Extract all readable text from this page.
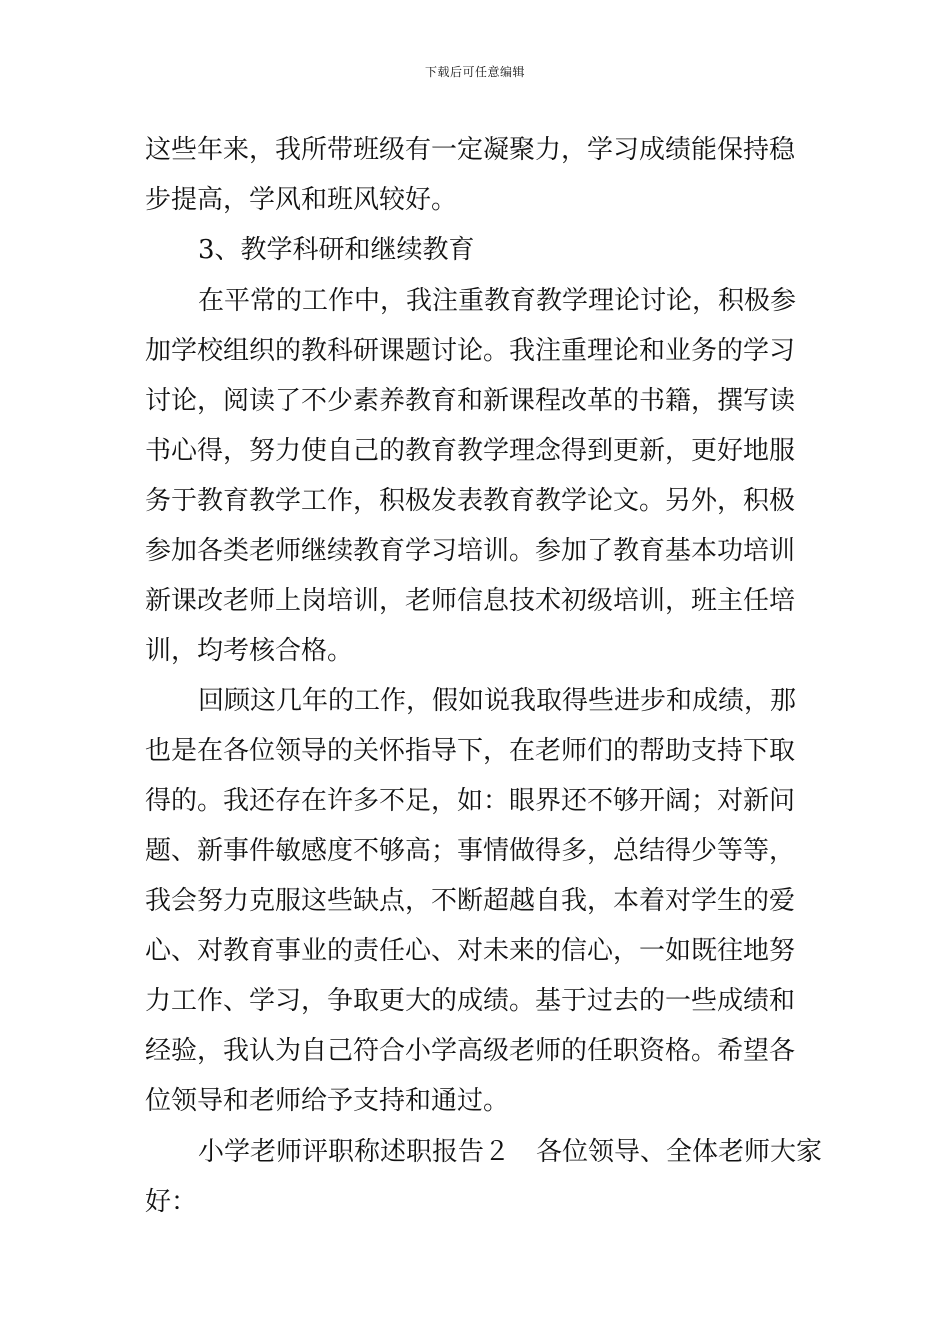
下载后可任意编辑
这些年来，我所带班级有一定凝聚力，学习成绩能保持稳
步提高，学风和班风较好。
3、教学科研和继续教育
在平常的工作中，我注重教育教学理论讨论，积极参
加学校组织的教科研课题讨论。我注重理论和业务的学习
讨论，阅读了不少素养教育和新课程改革的书籍，撰写读
书心得，努力使自己的教育教学理念得到更新，更好地服
务于教育教学工作，积极发表教育教学论文。另外，积极
参加各类老师继续教育学习培训。参加了教育基本功培训
新课改老师上岗培训，老师信息技术初级培训，班主任培
训，均考核合格。
回顾这几年的工作，假如说我取得些进步和成绩，那
也是在各位领导的关怀指导下，在老师们的帮助支持下取
得的。我还存在许多不足，如：眼界还不够开阔；对新问
题、新事件敏感度不够高；事情做得多，总结得少等等，
我会努力克服这些缺点，不断超越自我，本着对学生的爱
心、对教育事业的责任心、对未来的信心，一如既往地努
力工作、学习，争取更大的成绩。基于过去的一些成绩和
经验，我认为自己符合小学高级老师的任职资格。希望各
位领导和老师给予支持和通过。
小学老师评职称述职报告２　各位领导、全体老师大家
好：
